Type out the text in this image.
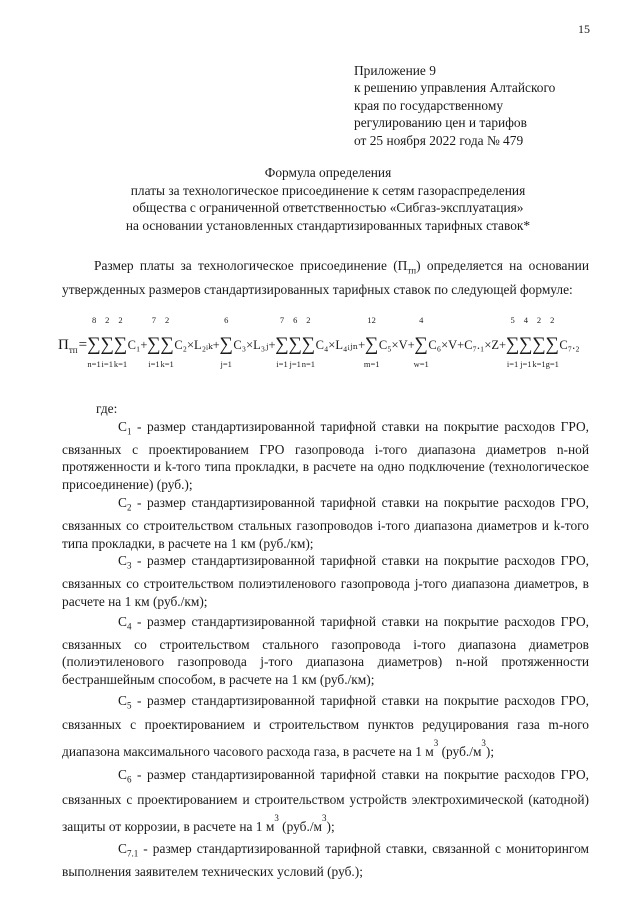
15
Приложение 9
к решению управления Алтайского
края по государственному
регулированию цен и тарифов
от 25 ноября 2022 года № 479
Формула определения
платы за технологическое присоединение к сетям газораспределения
общества с ограниченной ответственностью «Сибгаз-эксплуатация»
на основании установленных стандартизированных тарифных ставок*

Размер платы за технологическое присоединение $(П_{тп})$ определяется на основании утвержденных размеров стандартизированных тарифных ставок по следующей формуле:

П тп =
8
∑
n=1
2
∑
i=1
2
∑
k=1
C₁+
7
∑
i=1
2
∑
k=1
C₂×L₂ᵢₖ+
6
∑
j=1
C₃×L₃ⱼ+
7
∑
i=1
6
∑
j=1
2
∑
n=1
C₄×L₄ᵢⱼₙ+
12
∑
m=1
C₅×V+
4
∑
w=1
C₆×V+C₇.₁×Z+
5
∑
i=1
4
∑
j=1
2
∑
k=1
2
∑
g=1
C₇.₂

где:

$C_1$ - размер стандартизированной тарифной ставки на покрытие расходов ГРО, связанных с проектированием ГРО газопровода i-того диапазона диаметров n-ной протяженности и k-того типа прокладки, в расчете на одно подключение (технологическое присоединение) (руб.);

$C_2$ - размер стандартизированной тарифной ставки на покрытие расходов ГРО, связанных со строительством стальных газопроводов i-того диапазона диаметров и k-того типа прокладки, в расчете на 1 км (руб./км);

$C_3$ - размер стандартизированной тарифной ставки на покрытие расходов ГРО, связанных со строительством полиэтиленового газопровода j-того диапазона диаметров, в расчете на 1 км (руб./км);

$C_4$ - размер стандартизированной тарифной ставки на покрытие расходов ГРО, связанных со строительством стального газопровода i-того диапазона диаметров (полиэтиленового газопровода j-того диапазона диаметров) n-ной протяженности бестраншейным способом, в расчете на 1 км (руб./км);

$C_5$ - размер стандартизированной тарифной ставки на покрытие расходов ГРО, связанных с проектированием и строительством пунктов редуцирования газа m-ного диапазона максимального часового расхода газа, в расчете на 1 $м^3$ $(руб./м^3)$;

$C_6$ - размер стандартизированной тарифной ставки на покрытие расходов ГРО, связанных с проектированием и строительством устройств электрохимической (катодной) защиты от коррозии, в расчете на 1 $м^3$ $(руб./м^3)$;

$C_{7.1}$ - размер стандартизированной тарифной ставки, связанной с мониторингом выполнения заявителем технических условий (руб.);
